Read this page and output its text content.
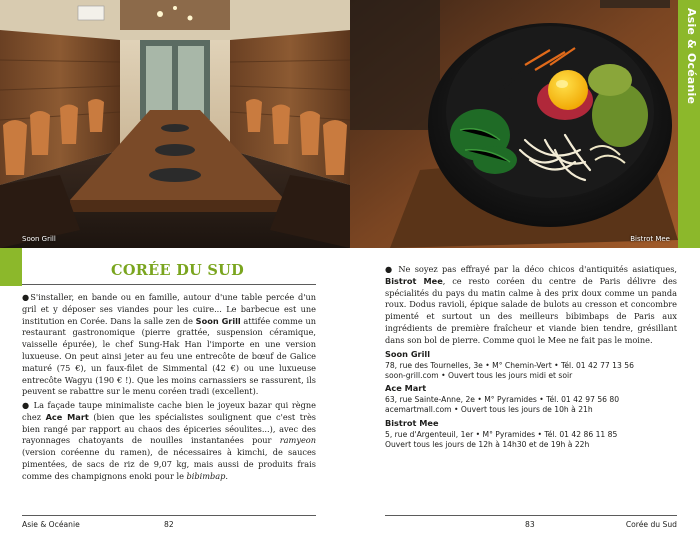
Soon Grill
CORÉE DU SUD

●S'installer, en bande ou en famille, autour d'une table percée d'un gril et y déposer ses viandes pour les cuire... Le barbecue est une institution en Corée. Dans la salle zen de Soon Grill attifée comme un restaurant gastronomique (pierre grattée, suspension céramique, vaisselle épurée), le chef Sung-Hak Han l'importe en une version luxueuse. On peut ainsi jeter au feu une entrecôte de bœuf de Galice maturé (75 €), un faux-filet de Simmental (42 €) ou une luxueuse entrecôte Wagyu (190 € !). Que les moins carnassiers se rassurent, ils peuvent se rabattre sur le menu coréen tradi (excellent).

● La façade taupe minimaliste cache bien le joyeux bazar qui règne chez Ace Mart (bien que les spécialistes soulignent que c'est très bien rangé par rapport au chaos des épiceries séoulites...), avec des rayonnages chatoyants de nouilles instantanées pour ramyeon (version coréenne du ramen), de nécessaires à kimchi, de sauces pimentées, de sacs de riz de 9,07 kg, mais aussi de produits frais comme des champignons enoki pour le bibimbap.

Asie & Océanie	82
Bistrot Mee
Asie & Océanie

● Ne soyez pas effrayé par la déco chicos d'antiquités asiatiques, Bistrot Mee, ce resto coréen du centre de Paris délivre des spécialités du pays du matin calme à des prix doux comme un panda roux. Dodus ravioli, épique salade de bulots au cresson et concombre pimenté et surtout un des meilleurs bibimbaps de Paris aux ingrédients de première fraîcheur et viande bien tendre, grésillant dans son bol de pierre. Comme quoi le Mee ne fait pas le moine.

Soon Grill
78, rue des Tournelles, 3e • M° Chemin-Vert • Tél. 01 42 77 13 56
soon-grill.com • Ouvert tous les jours midi et soir
Ace Mart
63, rue Sainte-Anne, 2e • M° Pyramides • Tél. 01 42 97 56 80
acemartmall.com • Ouvert tous les jours de 10h à 21h
Bistrot Mee
5, rue d'Argenteuil, 1er • M° Pyramides • Tél. 01 42 86 11 85
Ouvert tous les jours de 12h à 14h30 et de 19h à 22h
83	Corée du Sud
